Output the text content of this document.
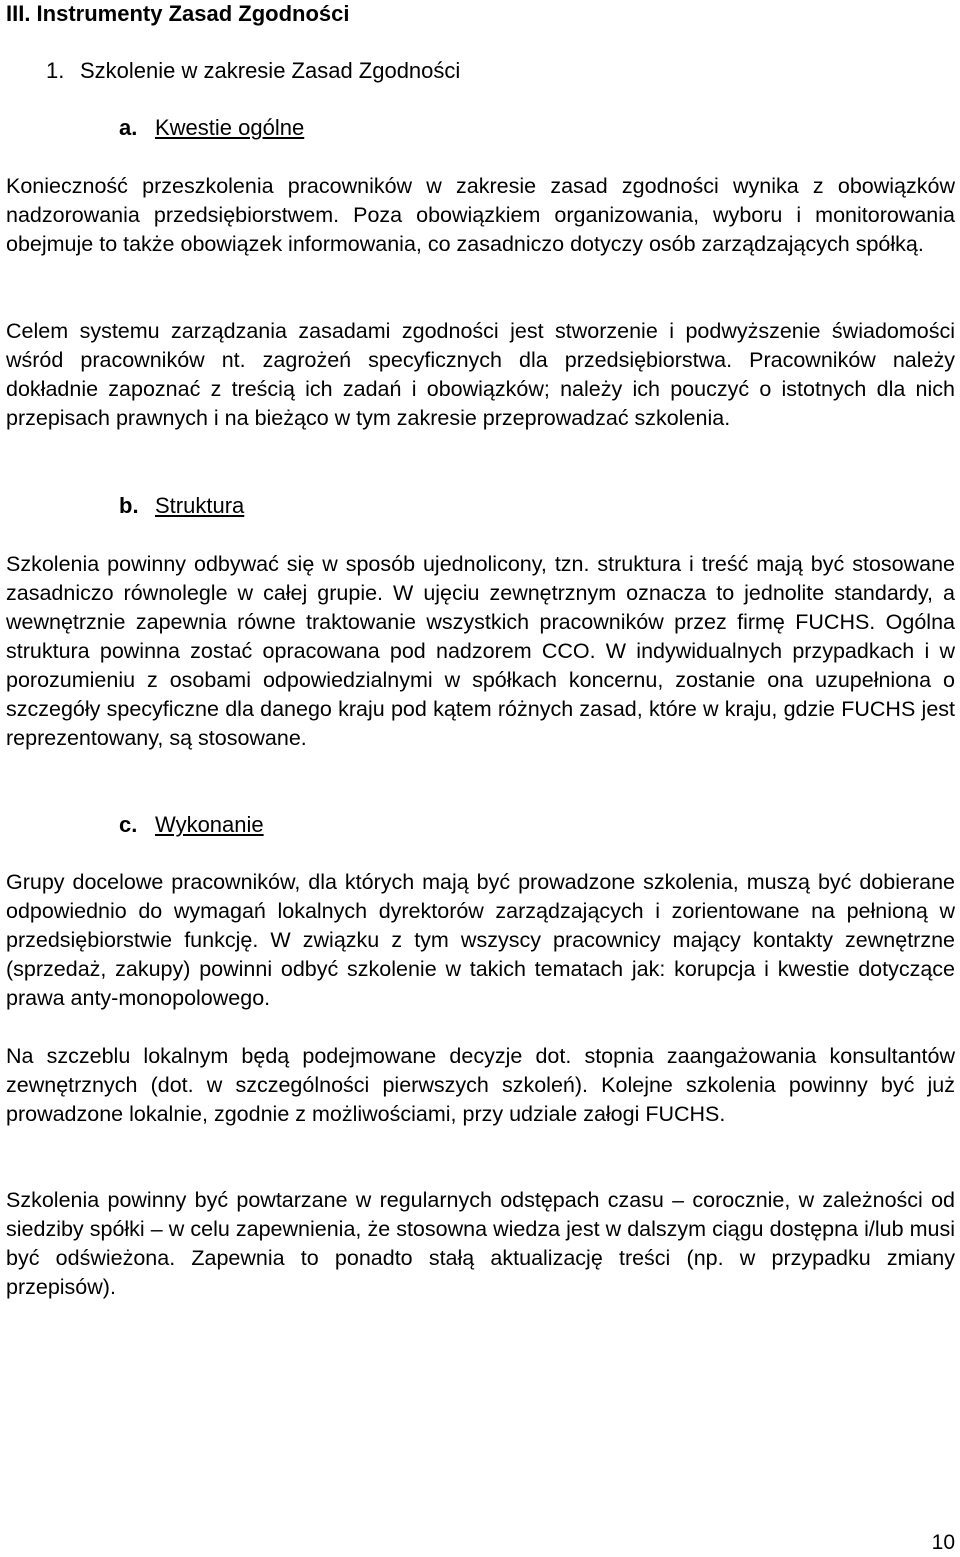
III. Instrumenty Zasad Zgodności
1. Szkolenie w zakresie Zasad Zgodności
a. Kwestie ogólne

Konieczność przeszkolenia pracowników w zakresie zasad zgodności wynika z obowiązków nadzorowania przedsiębiorstwem. Poza obowiązkiem organizowania, wyboru i monitorowania obejmuje to także obowiązek informowania, co zasadniczo dotyczy osób zarządzających spółką.

Celem systemu zarządzania zasadami zgodności jest stworzenie i podwyższenie świadomości wśród pracowników nt. zagrożeń specyficznych dla przedsiębiorstwa. Pracowników należy dokładnie zapoznać z treścią ich zadań i obowiązków; należy ich pouczyć o istotnych dla nich przepisach prawnych i na bieżąco w tym zakresie przeprowadzać szkolenia.

b. Struktura

Szkolenia powinny odbywać się w sposób ujednolicony, tzn. struktura i treść mają być stosowane zasadniczo równolegle w całej grupie. W ujęciu zewnętrznym oznacza to jednolite standardy, a wewnętrznie zapewnia równe traktowanie wszystkich pracowników przez firmę FUCHS. Ogólna struktura powinna zostać opracowana pod nadzorem CCO. W indywidualnych przypadkach i w porozumieniu z osobami odpowiedzialnymi w spółkach koncernu, zostanie ona uzupełniona o szczegóły specyficzne dla danego kraju pod kątem różnych zasad, które w kraju, gdzie FUCHS jest reprezentowany, są stosowane.

c. Wykonanie

Grupy docelowe pracowników, dla których mają być prowadzone szkolenia, muszą być dobierane odpowiednio do wymagań lokalnych dyrektorów zarządzających i zorientowane na pełnioną w przedsiębiorstwie funkcję. W związku z tym wszyscy pracownicy mający kontakty zewnętrzne (sprzedaż, zakupy) powinni odbyć szkolenie w takich tematach jak: korupcja i kwestie dotyczące prawa anty-monopolowego.

Na szczeblu lokalnym będą podejmowane decyzje dot. stopnia zaangażowania konsultantów zewnętrznych (dot. w szczególności pierwszych szkoleń). Kolejne szkolenia powinny być już prowadzone lokalnie, zgodnie z możliwościami, przy udziale załogi FUCHS.

Szkolenia powinny być powtarzane w regularnych odstępach czasu – corocznie, w zależności od siedziby spółki – w celu zapewnienia, że stosowna wiedza jest w dalszym ciągu dostępna i/lub musi być odświeżona. Zapewnia to ponadto stałą aktualizację treści (np. w przypadku zmiany przepisów).

10
